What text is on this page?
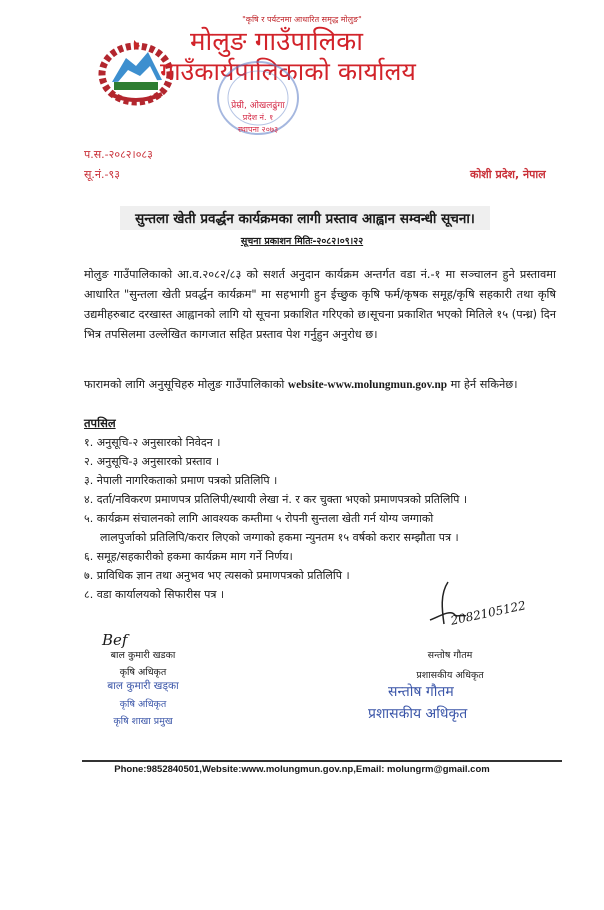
"कृषि र पर्यटनमा आधारित समृद्ध मोलुङ"
मोलुङ गाउँपालिका
गाउँकार्यपालिकाको कार्यालय
प्रेम्री, ओखलढुंगा
प्रदेश नं. १
स्थापना २०७३
प.स.-२०८२।०८३
सू.नं.-९३	कोशी प्रदेश, नेपाल
सुन्तला खेती प्रवर्द्धन कार्यक्रमका लागी प्रस्ताव आह्वान सम्वन्धी सूचना।
सूचना प्रकाशन मितिः-२०८२।०९।२२
मोलुङ गाउँपालिकाको आ.व.२०८२/८३ को सशर्त अनुदान कार्यक्रम अन्तर्गत वडा नं.-१ मा सञ्चालन हुने प्रस्तावमा आधारित "सुन्तला खेती प्रवर्द्धन कार्यक्रम" मा सहभागी हुन ईच्छुक कृषि फर्म/कृषक समूह/कृषि सहकारी तथा कृषि उद्यमीहरुबाट दरखास्त आह्वानको लागि यो सूचना प्रकाशित गरिएको छ।सूचना प्रकाशित भएको मितिले १५ (पन्ध्र) दिन भित्र तपसिलमा उल्लेखित कागजात सहित प्रस्ताव पेश गर्नुहुन अनुरोध छ।
फारामको लागि अनुसूचिहरु मोलुङ गाउँपालिकाको website-www.molungmun.gov.np मा हेर्न सकिनेछ।
तपसिल
१. अनुसूचि-२ अनुसारको निवेदन ।
२. अनुसूचि-३ अनुसारको प्रस्ताव ।
३. नेपाली नागरिकताको प्रमाण पत्रको प्रतिलिपि ।
४. दर्ता/नविकरण प्रमाणपत्र प्रतिलिपी/स्थायी लेखा नं. र कर चुक्ता भएको प्रमाणपत्रको प्रतिलिपि ।
५. कार्यक्रम संचालनको लागि आवश्यक कम्तीमा ५ रोपनी सुन्तला खेती गर्न योग्य जग्गाको
लालपुर्जाको प्रतिलिपि/करार लिएको जग्गाको हकमा न्युनतम १५ वर्षको करार सम्झौता पत्र ।
६. समूह/सहकारीको हकमा कार्यक्रम माग गर्ने निर्णय।
७. प्राविधिक ज्ञान तथा अनुभव भए त्यसको प्रमाणपत्रको प्रतिलिपि ।
८. वडा कार्यालयको सिफारीस पत्र ।
Bef
बाल कुमारी खडका
कृषि अधिकृत
बाल कुमारी खड्का
कृषि अधिकृत
कृषि शाखा प्रमुख
2082105122
सन्तोष गौतम
प्रशासकीय अधिकृत
सन्तोष गौतम
प्रशासकीय अधिकृत
Phone:9852840501,Website:www.molungmun.gov.np,Email: molungrm@gmail.com
